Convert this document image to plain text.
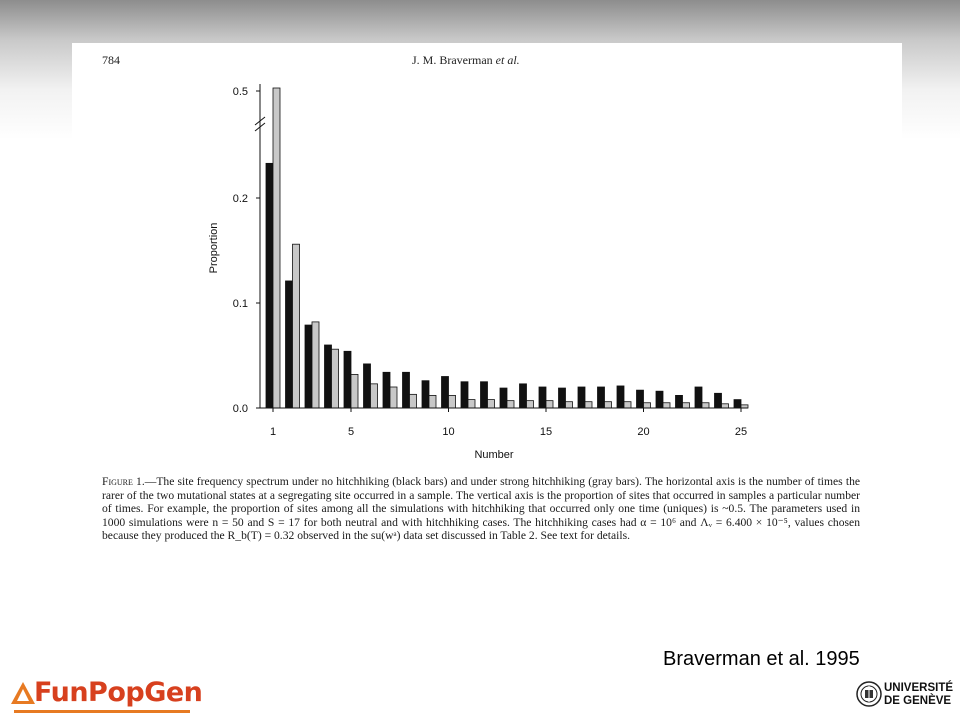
784	J. M. Braverman et al.
0.0
0.1
0.2
0.5
1	5	10	15	20	25
Proportion
Number
Figure 1.—The site frequency spectrum under no hitchhiking (black bars) and under strong hitchhiking (gray bars). The horizontal axis is the number of times the rarer of the two mutational states at a segregating site occurred in a sample. The vertical axis is the proportion of sites that occurred in samples a particular number of times. For example, the proportion of sites among all the simulations with hitchhiking that occurred only one time (uniques) is ~0.5. The parameters used in 1000 simulations were n = 50 and S = 17 for both neutral and with hitchhiking cases. The hitchhiking cases had α = 10⁶ and Λᵥ = 6.400 × 10⁻⁵, values chosen because they produced the R_b(T) = 0.32 observed in the su(wᵃ) data set discussed in Table 2. See text for details.
Braverman et al. 1995
FunPopGen	UNIVERSITÉ
DE GENÈVE
